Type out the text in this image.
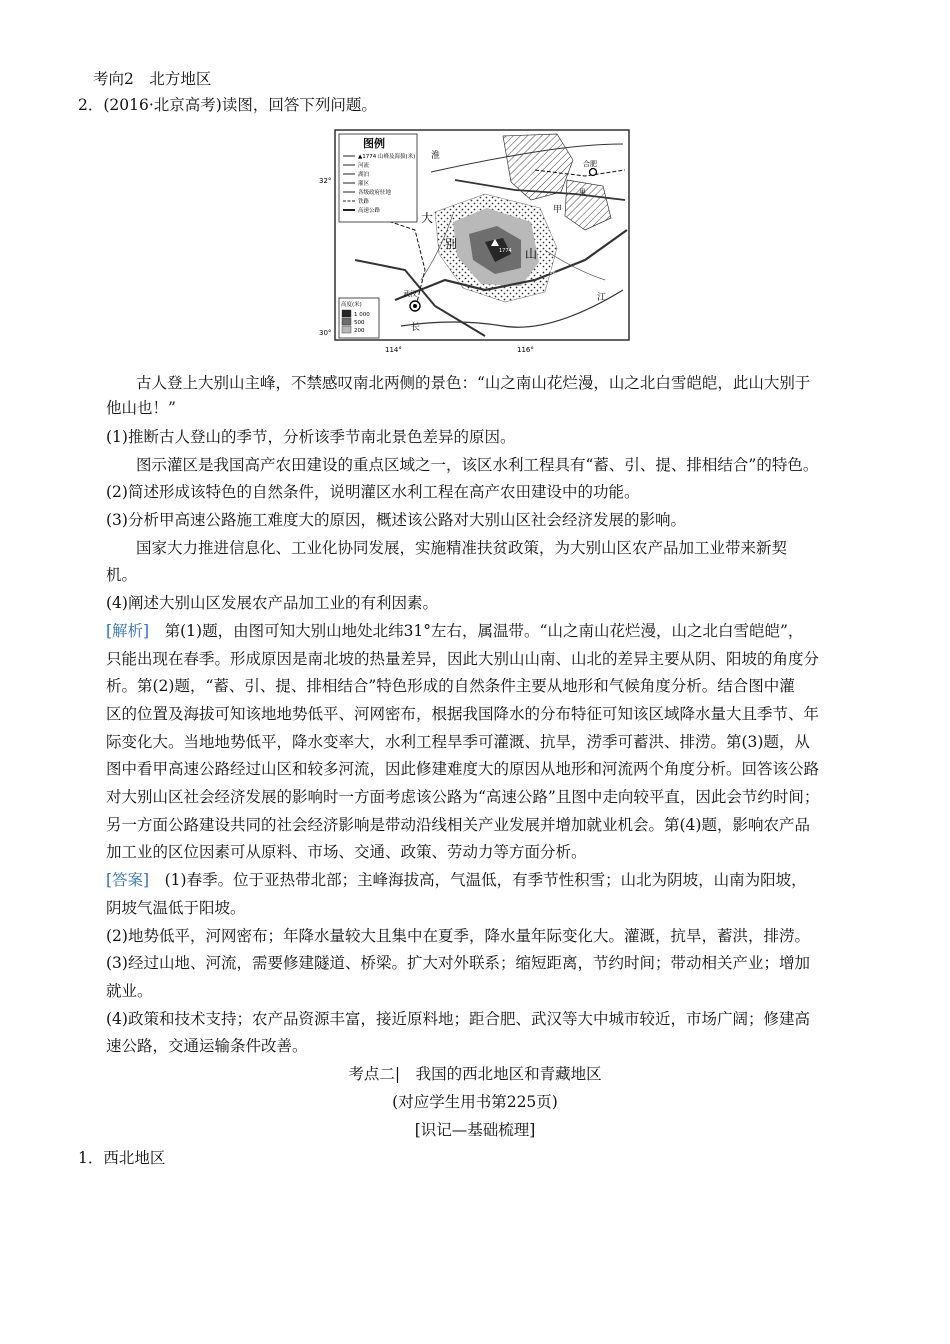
考向2　北方地区
2．(2016·北京高考)读图，回答下列问题。
图例
▲1774 山峰及海拔(米)
河流
湖泊
灌区
各级政府驻地
铁路
高速公路
高度(米)
1 000
500
200
淮
合肥
大
别
山
武汉
长
江
甲
巢
1774
1606
32°
30°
114°	116°
古人登上大别山主峰，不禁感叹南北两侧的景色：“山之南山花烂漫，山之北白雪皑皑，此山大别于
他山也！”
(1)推断古人登山的季节，分析该季节南北景色差异的原因。
图示灌区是我国高产农田建设的重点区域之一，该区水利工程具有“蓄、引、提、排相结合”的特色。
(2)简述形成该特色的自然条件，说明灌区水利工程在高产农田建设中的功能。
(3)分析甲高速公路施工难度大的原因，概述该公路对大别山区社会经济发展的影响。
国家大力推进信息化、工业化协同发展，实施精准扶贫政策，为大别山区农产品加工业带来新契
机。
(4)阐述大别山区发展农产品加工业的有利因素。
[解析]　第(1)题，由图可知大别山地处北纬31°左右，属温带。“山之南山花烂漫，山之北白雪皑皑”，
只能出现在春季。形成原因是南北坡的热量差异，因此大别山山南、山北的差异主要从阴、阳坡的角度分
析。第(2)题，“蓄、引、提、排相结合”特色形成的自然条件主要从地形和气候角度分析。结合图中灌
区的位置及海拔可知该地地势低平、河网密布，根据我国降水的分布特征可知该区域降水量大且季节、年
际变化大。当地地势低平，降水变率大，水利工程旱季可灌溉、抗旱，涝季可蓄洪、排涝。第(3)题，从
图中看甲高速公路经过山区和较多河流，因此修建难度大的原因从地形和河流两个角度分析。回答该公路
对大别山区社会经济发展的影响时一方面考虑该公路为“高速公路”且图中走向较平直，因此会节约时间；
另一方面公路建设共同的社会经济影响是带动沿线相关产业发展并增加就业机会。第(4)题，影响农产品
加工业的区位因素可从原料、市场、交通、政策、劳动力等方面分析。
[答案]　(1)春季。位于亚热带北部；主峰海拔高，气温低，有季节性积雪；山北为阴坡，山南为阳坡，
阴坡气温低于阳坡。
(2)地势低平，河网密布；年降水量较大且集中在夏季，降水量年际变化大。灌溉，抗旱，蓄洪，排涝。
(3)经过山地、河流，需要修建隧道、桥梁。扩大对外联系；缩短距离，节约时间；带动相关产业；增加
就业。
(4)政策和技术支持；农产品资源丰富，接近原料地；距合肥、武汉等大中城市较近，市场广阔；修建高
速公路，交通运输条件改善。
考点二|　我国的西北地区和青藏地区
(对应学生用书第225页)
[识记—基础梳理]
1．西北地区
